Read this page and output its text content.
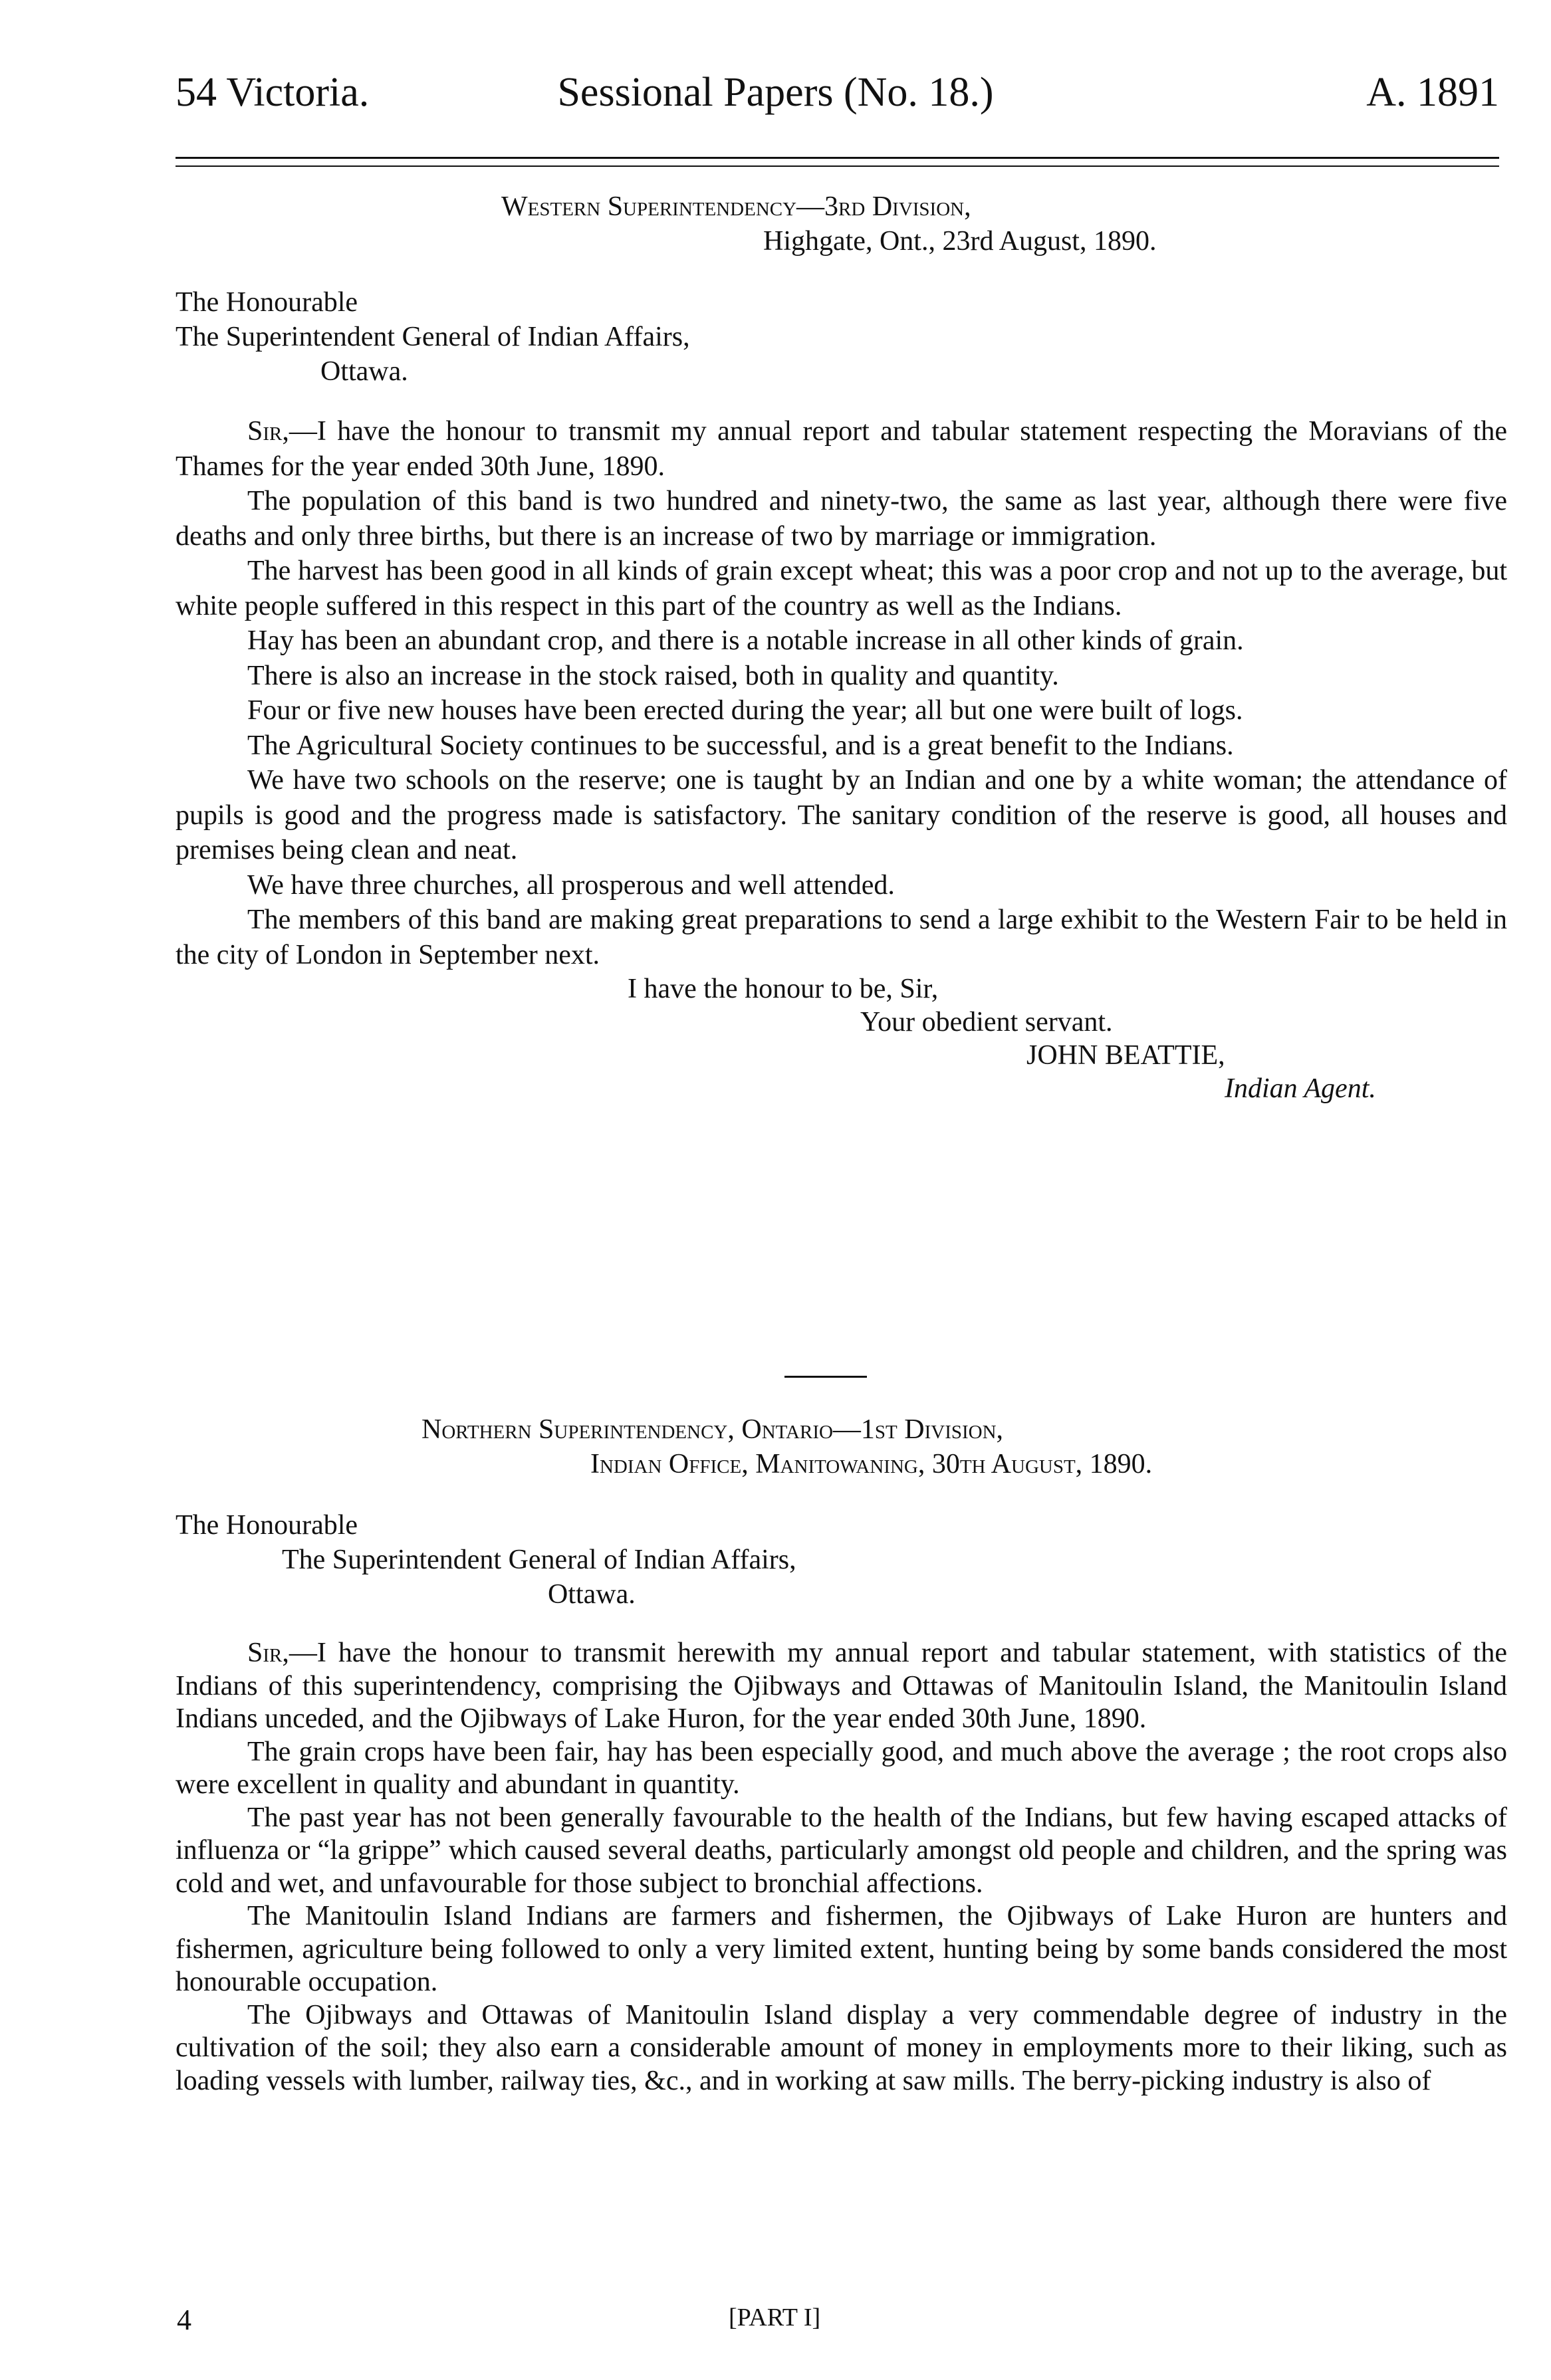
54 Victoria.	Sessional Papers (No. 18.)	A. 1891
Western Superintendency—3rd Division,
Highgate, Ont., 23rd August, 1890.
The Honourable
The Superintendent General of Indian Affairs,
Ottawa.

Sir,—I have the honour to transmit my annual report and tabular statement respecting the Moravians of the Thames for the year ended 30th June, 1890.

The population of this band is two hundred and ninety-two, the same as last year, although there were five deaths and only three births, but there is an increase of two by marriage or immigration.

The harvest has been good in all kinds of grain except wheat; this was a poor crop and not up to the average, but white people suffered in this respect in this part of the country as well as the Indians.

Hay has been an abundant crop, and there is a notable increase in all other kinds of grain.

There is also an increase in the stock raised, both in quality and quantity.

Four or five new houses have been erected during the year; all but one were built of logs.

The Agricultural Society continues to be successful, and is a great benefit to the Indians.

We have two schools on the reserve; one is taught by an Indian and one by a white woman; the attendance of pupils is good and the progress made is satisfactory. The sanitary condition of the reserve is good, all houses and premises being clean and neat.

We have three churches, all prosperous and well attended.

The members of this band are making great preparations to send a large exhibit to the Western Fair to be held in the city of London in September next.

I have the honour to be, Sir,
Your obedient servant.
JOHN BEATTIE,
Indian Agent.
Northern Superintendency, Ontario—1st Division,
Indian Office, Manitowaning, 30th August, 1890.
The Honourable
The Superintendent General of Indian Affairs,
Ottawa.

Sir,—I have the honour to transmit herewith my annual report and tabular statement, with statistics of the Indians of this superintendency, comprising the Ojibways and Ottawas of Manitoulin Island, the Manitoulin Island Indians unceded, and the Ojibways of Lake Huron, for the year ended 30th June, 1890.

The grain crops have been fair, hay has been especially good, and much above the average ; the root crops also were excellent in quality and abundant in quantity.

The past year has not been generally favourable to the health of the Indians, but few having escaped attacks of influenza or “la grippe” which caused several deaths, particularly amongst old people and children, and the spring was cold and wet, and unfavourable for those subject to bronchial affections.

The Manitoulin Island Indians are farmers and fishermen, the Ojibways of Lake Huron are hunters and fishermen, agriculture being followed to only a very limited extent, hunting being by some bands considered the most honourable occupation.

The Ojibways and Ottawas of Manitoulin Island display a very commendable degree of industry in the cultivation of the soil; they also earn a considerable amount of money in employments more to their liking, such as loading vessels with lumber, railway ties, &c., and in working at saw mills. The berry-picking industry is also of

4	[PART I]
